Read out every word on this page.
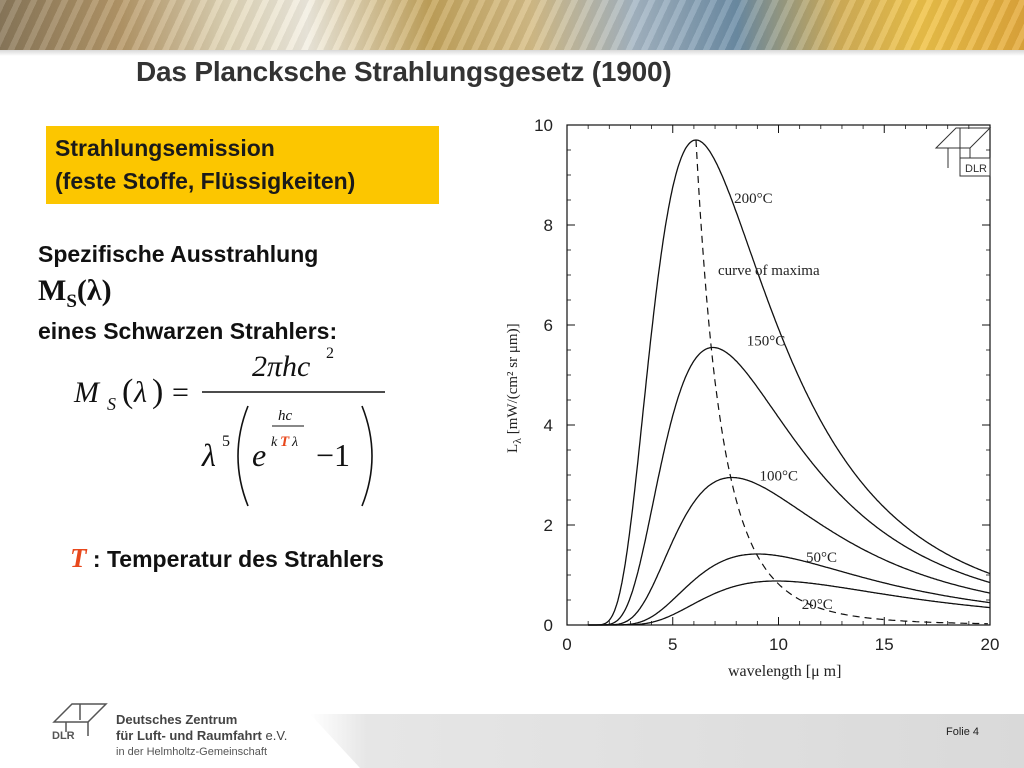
Das Plancksche Strahlungsgesetz (1900)
Strahlungsemission
(feste Stoffe, Flüssigkeiten)
Spezifische Ausstrahlung
$M_S(\lambda)$
eines Schwarzen Strahlers:
M S ( λ ) =
2πhc 2
λ 5 e
hc
k T λ −1
T : Temperatur des Strahlers
0	5	10	15	20
0
2
4
6
8
10
200°C
150°C
100°C
50°C
20°C
curve of maxima
wavelength [μ m]
$L_\lambda$ [mW/(cm² sr μm)]
DLR
Folie 4
DLR
Deutsches Zentrum
für Luft- und Raumfahrt e.V.
in der Helmholtz-Gemeinschaft
